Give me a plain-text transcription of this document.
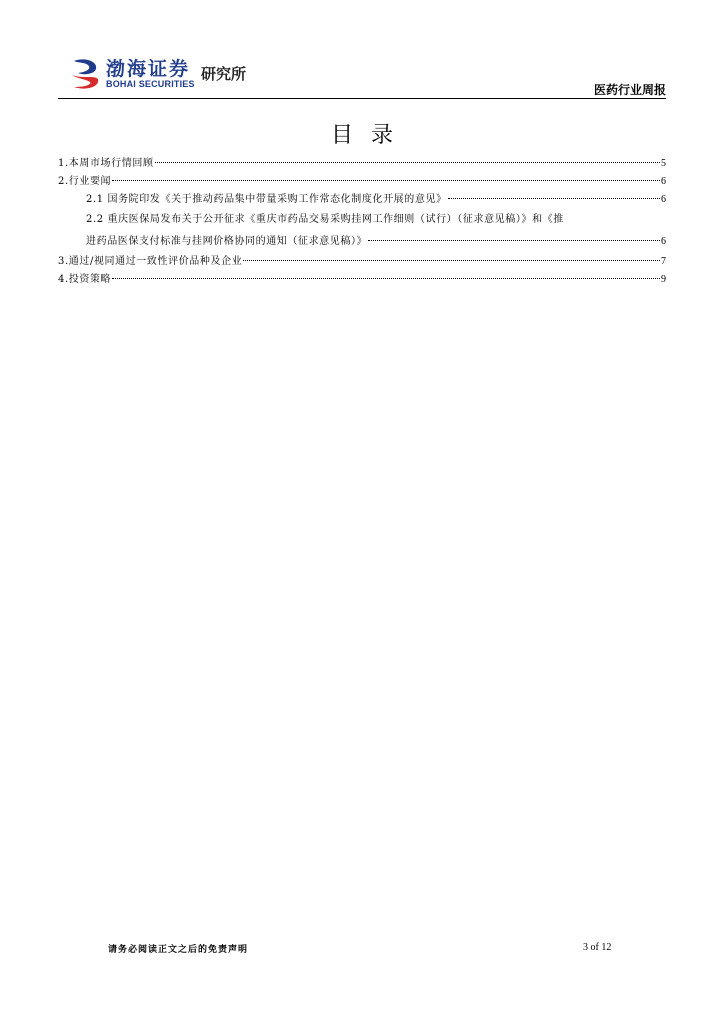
渤海证券
BOHAI SECURITIES
研究所
医药行业周报
目录
1.本周市场行情回顾	5
2.行业要闻	6
2.1 国务院印发《关于推动药品集中带量采购工作常态化制度化开展的意见》	6
2.2 重庆医保局发布关于公开征求《重庆市药品交易采购挂网工作细则（试行）（征求意见稿）》和《推
进药品医保支付标准与挂网价格协同的通知（征求意见稿）》	6
3.通过/视同通过一致性评价品种及企业	7
4.投资策略	9
请务必阅读正文之后的免责声明	3 of 12
